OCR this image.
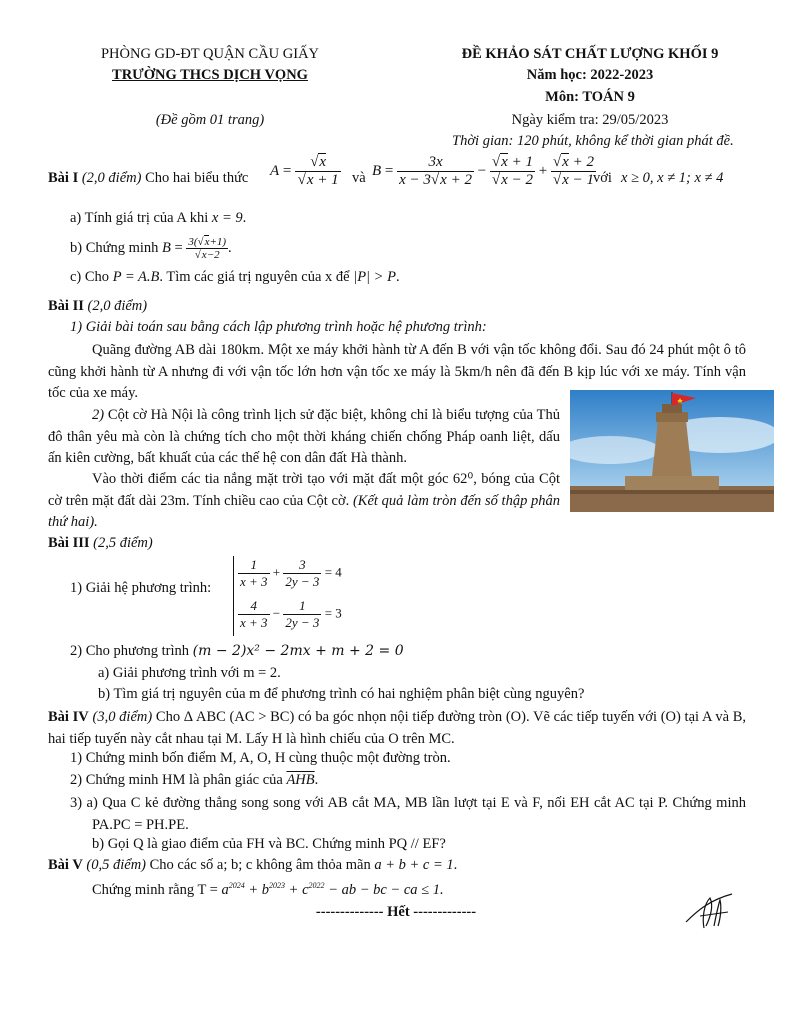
PHÒNG GD-ĐT QUẬN CẦU GIẤY
TRƯỜNG THCS DỊCH VỌNG
(Đề gồm 01 trang)
ĐỀ KHẢO SÁT CHẤT LƯỢNG KHỐI 9
Năm học: 2022-2023
Môn: TOÁN 9
Ngày kiểm tra: 29/05/2023
Thời gian: 120 phút, không kể thời gian phát đề.
Bài I (2,0 điểm) Cho hai biểu thức A = √ x
√ x + 1 và $B = \frac{3x}{x - 3 √ x + 2}$ − √ x + 1
√ x − 2 + √ x + 2
√ x − 1
với x ≥ 0, x ≠ 1; x ≠ 4
a) Tính giá trị của A khi x = 9.
b) Chứng minh B = 3( √ x+1)
√ x−2 .
c) Cho P = A.B. Tìm các giá trị nguyên của x để |P| > P.
Bài II (2,0 điểm)
1) Giải bài toán sau bằng cách lập phương trình hoặc hệ phương trình:
Quãng đường AB dài 180km. Một xe máy khởi hành từ A đến B với vận tốc không đổi. Sau đó 24 phút một ô tô cũng khởi hành từ A nhưng đi với vận tốc lớn hơn vận tốc xe máy là 5km/h nên đã đến B kịp lúc với xe máy. Tính vận tốc của xe máy.
2) Cột cờ Hà Nội là công trình lịch sử đặc biệt, không chỉ là biểu tượng của Thủ đô thân yêu mà còn là chứng tích cho một thời kháng chiến chống Pháp oanh liệt, dấu ấn kiên cường, bất khuất của các thế hệ con dân đất Hà thành.
Vào thời điểm các tia nắng mặt trời tạo với mặt đất một góc 62⁰, bóng của Cột cờ trên mặt đất dài 23m. Tính chiều cao của Cột cờ. (Kết quả làm tròn đến số thập phân thứ hai).
Bài III (2,5 điểm)
1) Giải hệ phương trình: $\frac{1}{x + 3} + \frac{3}{2y - 3} = 4$
$\frac{4}{x + 3} - \frac{1}{2y - 3} = 3$
2) Cho phương trình (m − 2)x² − 2mx + m + 2 = 0
a) Giải phương trình với m = 2.
b) Tìm giá trị nguyên của m để phương trình có hai nghiệm phân biệt cùng nguyên?
Bài IV (3,0 điểm) Cho Δ ABC (AC > BC) có ba góc nhọn nội tiếp đường tròn (O). Vẽ các tiếp tuyến với (O) tại A và B, hai tiếp tuyến này cắt nhau tại M. Lấy H là hình chiếu của O trên MC.
1) Chứng minh bốn điểm M, A, O, H cùng thuộc một đường tròn.
2) Chứng minh HM là phân giác của $\overline{AHB}$.
3) a) Qua C kẻ đường thẳng song song với AB cắt MA, MB lần lượt tại E và F, nối EH cắt AC tại P. Chứng minh PA.PC = PH.PE.
b) Gọi Q là giao điểm của FH và BC. Chứng minh PQ // EF?
Bài V (0,5 điểm) Cho các số a; b; c không âm thỏa mãn a + b + c = 1.
Chứng minh rằng $T = a^{2024} + b^{2023} + c^{2022}$ − ab − bc − ca ≤ 1.
-------------- Hết -------------
